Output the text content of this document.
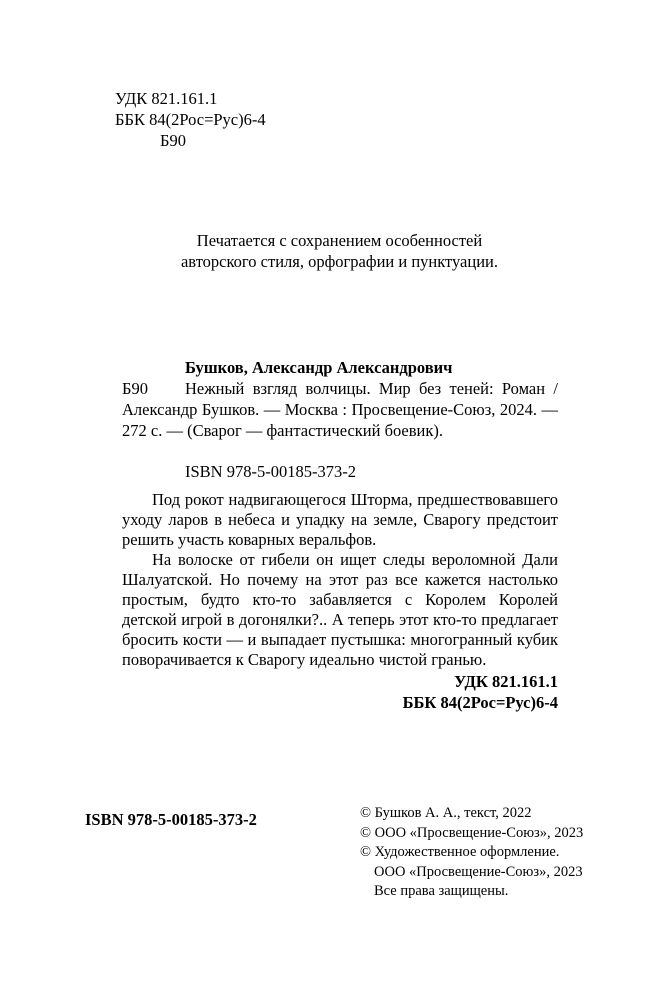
УДК 821.161.1
ББК 84(2Рос=Рус)6-4
Б90
Печатается с сохранением особенностей
авторского стиля, орфографии и пунктуации.
Б90

Бушков, Александр Александрович

Нежный взгляд волчицы. Мир без теней: Роман / Александр Бушков. — Москва : Просвещение-Союз, 2024. — 272 с. — (Сварог — фантастический боевик).

ISBN 978-5-00185-373-2

Под рокот надвигающегося Шторма, предшествовавшего уходу ларов в небеса и упадку на земле, Сварогу предстоит решить участь коварных веральфов.

На волоске от гибели он ищет следы вероломной Дали Шалуатской. Но почему на этот раз все кажется настолько простым, будто кто-то забавляется с Королем Королей детской игрой в догонялки?.. А теперь этот кто-то предлагает бросить кости — и выпадает пустышка: многогранный кубик поворачивается к Сварогу идеально чистой гранью.

УДК 821.161.1
ББК 84(2Рос=Рус)6-4
ISBN 978-5-00185-373-2	© Бушков А. А., текст, 2022
© ООО «Просвещение-Союз», 2023
© Художественное оформление.
ООО «Просвещение-Союз», 2023
Все права защищены.
